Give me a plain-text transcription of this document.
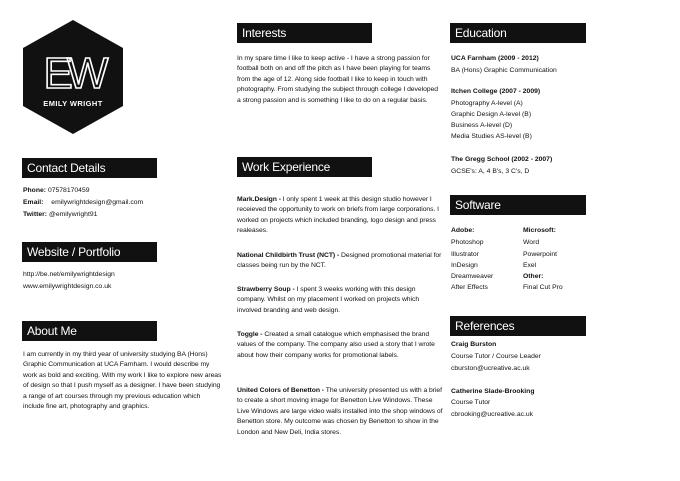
EW
EMILY WRIGHT
Contact Details
Phone: 07578170459
Email: emilywrightdesign@gmail.com
Twitter: @emilywright91
Website / Portfolio
http://be.net/emilywrightdesign
www.emilywrightdesign.co.uk
About Me

I am currently in my third year of university studying BA (Hons) Graphic Communication at UCA Farnham. I would describe my work as bold and exciting. With my work I like to explore new areas of design so that I push myself as a designer. I have been studying a range of art courses through my previous education which include fine art, photography and graphics.

Interests

In my spare time I like to keep active - I have a strong passion for football both on and off the pitch as I have been playing for teams from the age of 12. Along side football I like to keep in touch with photography. From studying the subject through college I developed a strong passion and is something I like to do on a regular basis.

Work Experience

Mark.Design - I only spent 1 week at this design studio however I receieved the opportunity to work on briefs from large corporations. I worked on projects which included branding, logo design and press realeases.

National Childbirth Trust (NCT) - Designed promotional material for classes being run by the NCT.

Strawberry Soup - I spent 3 weeks working with this design company. Whilst on my placement I worked on projects which involved branding and web design.

Toggle - Created a small catalogue which emphasised the brand values of the company. The company also used a story that I wrote about how their company works for promotional labels.

United Colors of Benetton - The university presented us with a brief to create a short moving image for Benetton Live Windows. These Live Windows are large video walls installed into the shop windows of Benetton store. My outcome was chosen by Benetton to show in the London and New Deli, India stores.

Education
UCA Farnham (2009 - 2012)
BA (Hons) Graphic Communication
Itchen College (2007 - 2009)
Photography A-level (A)
Graphic Design A-level (B)
Business A-level (D)
Media Studies AS-level (B)
The Gregg School (2002 - 2007)
GCSE's: A, 4 B's, 3 C's, D
Software
Adobe:
Photoshop
Illustrator
InDesign
Dreamweaver
After Effects
Microsoft:
Word
Powerpoint
Exel
Other:
Final Cut Pro
References
Craig Burston
Course Tutor / Course Leader
cburston@ucreative.ac.uk
Catherine Slade-Brooking
Course Tutor
cbrooking@ucreative.ac.uk
